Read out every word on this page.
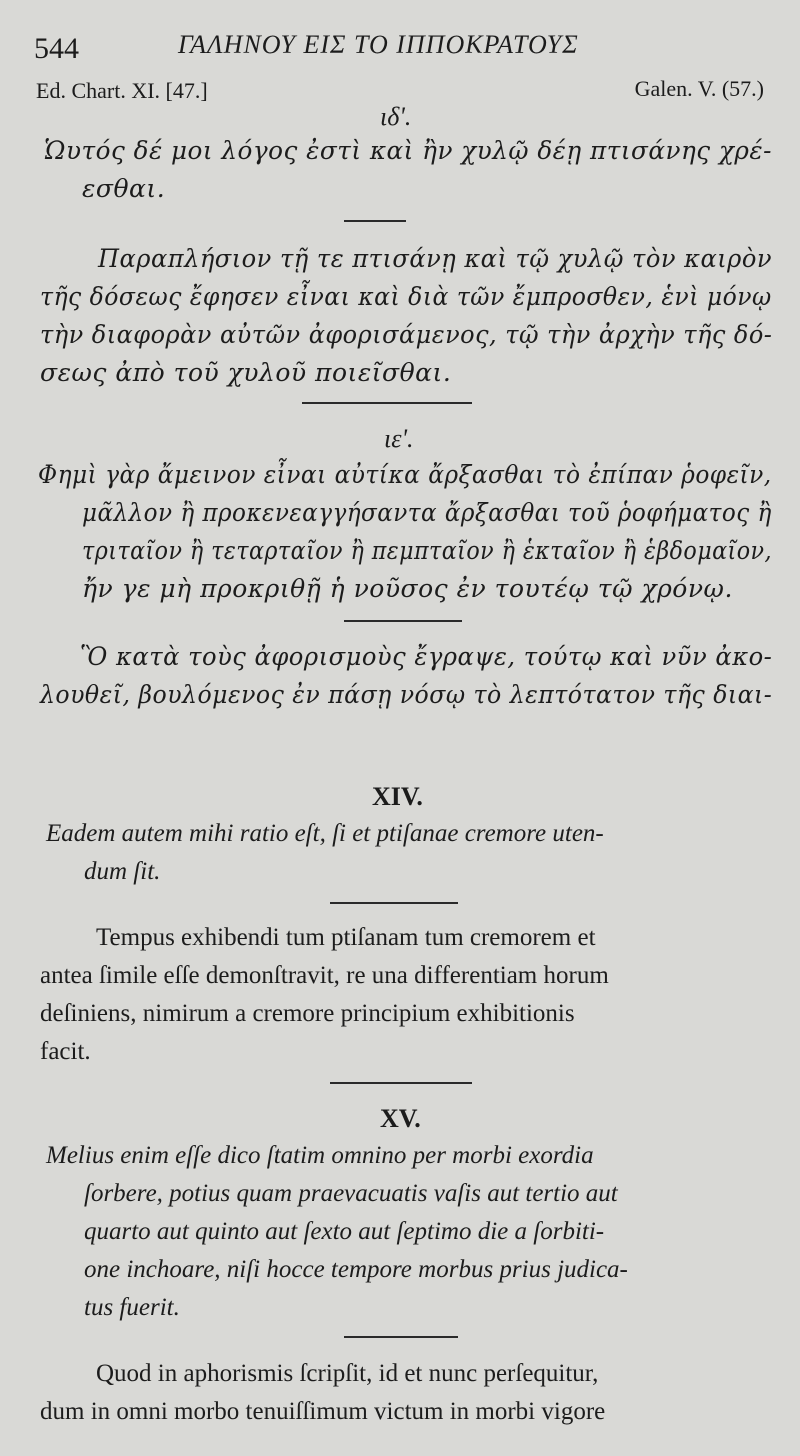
544	ΓΑΛΗΝΟΥ ΕΙΣ ΤΟ ΙΠΠΟΚΡΑΤΟΥΣ
Ed. Chart. XI. [47.]	Galen. V. (57.)
ιδ'.
Ὡυτός δέ μοι λόγος ἐστὶ καὶ ἢν χυλῷ δέῃ πτισάνης χρέ-
εσθαι.
Παραπλήσιον τῇ τε πτισάνῃ καὶ τῷ χυλῷ τὸν καιρὸν
τῆς δόσεως ἔφησεν εἶναι καὶ διὰ τῶν ἔμπροσθεν, ἑνὶ μόνῳ
τὴν διαφορὰν αὐτῶν ἀφορισάμενος, τῷ τὴν ἀρχὴν τῆς δό-
σεως ἀπὸ τοῦ χυλοῦ ποιεῖσθαι.
ιε'.
Φημὶ γὰρ ἄμεινον εἶναι αὐτίκα ἄρξασθαι τὸ ἐπίπαν ῥοφεῖν,
μᾶλλον ἢ προκενεαγγήσαντα ἄρξασθαι τοῦ ῥοφήματος ἢ
τριταῖον ἢ τεταρταῖον ἢ πεμπταῖον ἢ ἑκταῖον ἢ ἑβδομαῖον,
ἤν γε μὴ προκριθῇ ἡ νοῦσος ἐν τουτέῳ τῷ χρόνῳ.
Ὃ κατὰ τοὺς ἀφορισμοὺς ἔγραψε, τούτῳ καὶ νῦν ἀκο-
λουθεῖ, βουλόμενος ἐν πάσῃ νόσῳ τὸ λεπτότατον τῆς διαι-
XIV.
Eadem autem mihi ratio eſt, ſi et ptiſanae cremore uten-
dum ſit.
Tempus exhibendi tum ptiſanam tum cremorem et
antea ſimile eſſe demonſtravit, re una differentiam horum
deſiniens, nimirum a cremore principium exhibitionis
facit.
XV.
Melius enim eſſe dico ſtatim omnino per morbi exordia
ſorbere, potius quam praevacuatis vaſis aut tertio aut
quarto aut quinto aut ſexto aut ſeptimo die a ſorbiti-
one inchoare, niſi hocce tempore morbus prius judica-
tus fuerit.
Quod in aphorismis ſcripſit, id et nunc perſequitur,
dum in omni morbo tenuiſſimum victum in morbi vigore
